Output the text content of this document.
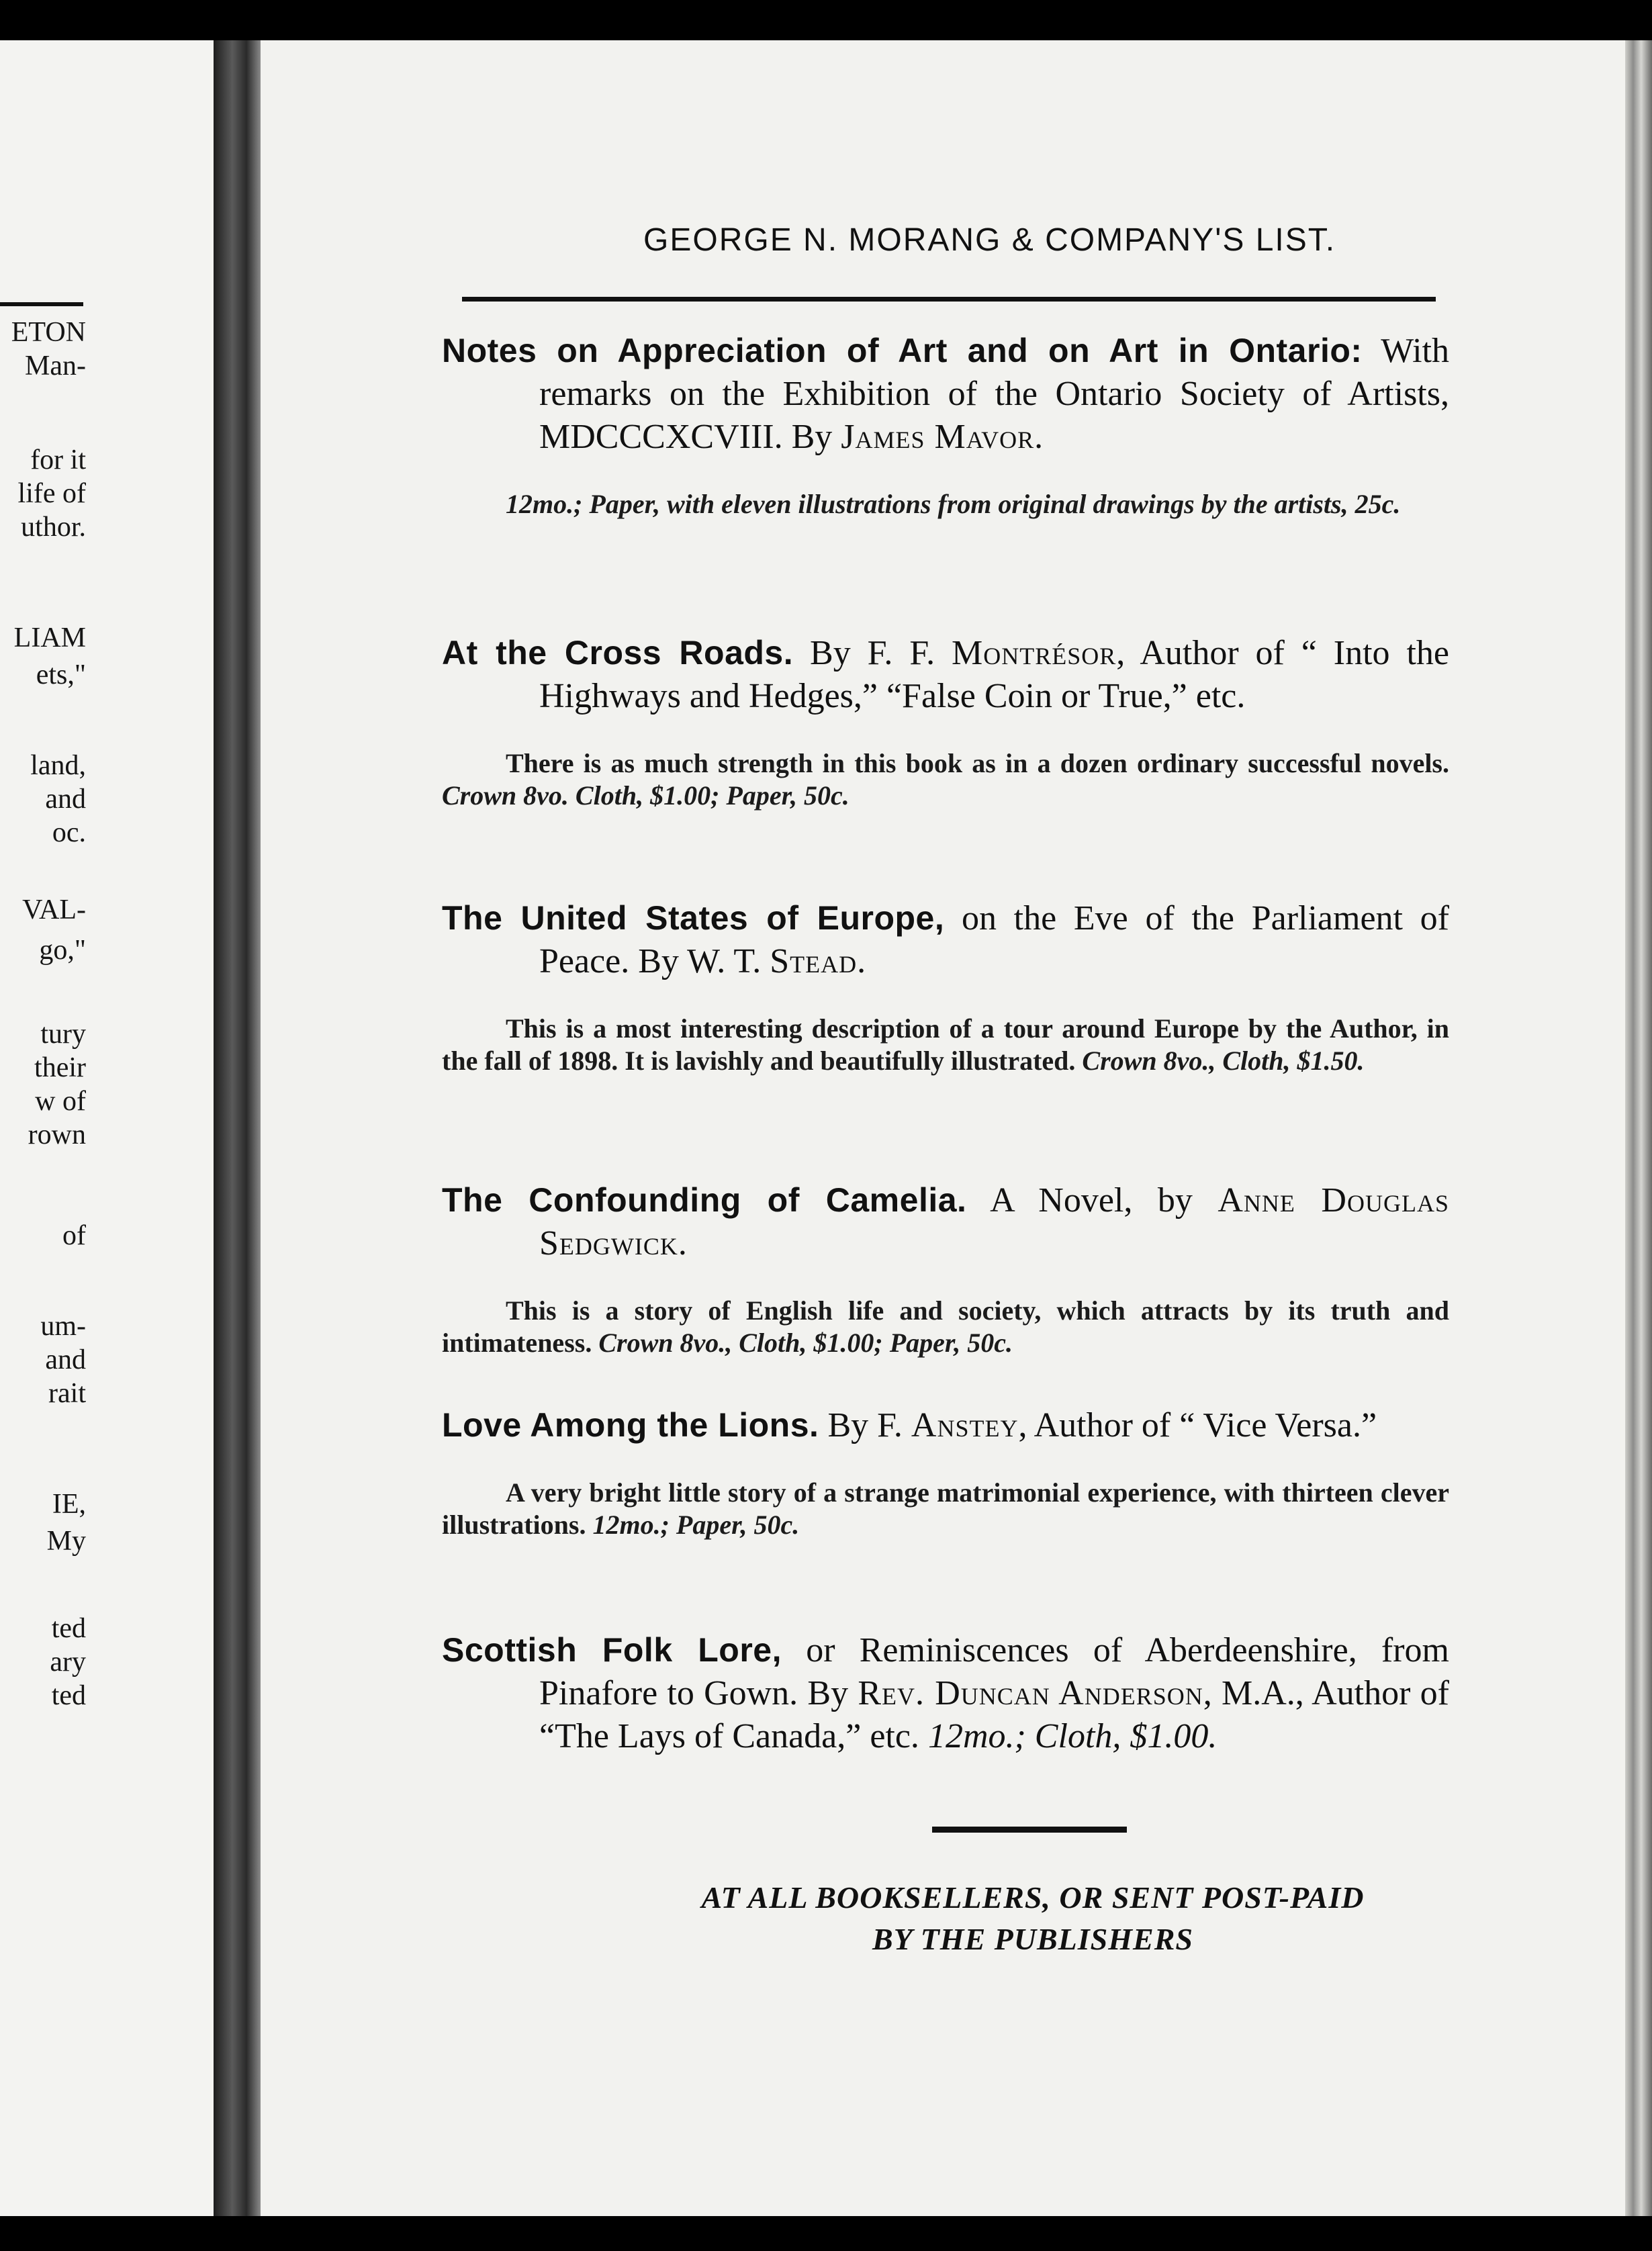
ETON
Man-
for it
life of
uthor.
LIAM
ets,"
land,
and
oc.
VAL-
go,"
tury
their
w of
rown
of
um-
and
rait
IE,
My
ted
ary
ted
GEORGE N. MORANG & COMPANY'S LIST.
Notes on Appreciation of Art and on Art in Ontario: With remarks on the Exhibition of the Ontario Society of Artists, MDCCCXCVIII. By James Mavor.
12mo.; Paper, with eleven illustrations from original drawings by the artists, 25c.
At the Cross Roads. By F. F. Montrésor, Author of “ Into the Highways and Hedges,” “False Coin or True,” etc.
There is as much strength in this book as in a dozen ordinary successful novels. Crown 8vo. Cloth, $1.00; Paper, 50c.
The United States of Europe, on the Eve of the Parliament of Peace. By W. T. Stead.
This is a most interesting description of a tour around Europe by the Author, in the fall of 1898. It is lavishly and beautifully illustrated. Crown 8vo., Cloth, $1.50.
The Confounding of Camelia. A Novel, by Anne Douglas Sedgwick.
This is a story of English life and society, which attracts by its truth and intimateness. Crown 8vo., Cloth, $1.00; Paper, 50c.
Love Among the Lions. By F. Anstey, Author of “ Vice Versa.”
A very bright little story of a strange matrimonial experience, with thirteen clever illustrations. 12mo.; Paper, 50c.
Scottish Folk Lore, or Reminiscences of Aberdeenshire, from Pinafore to Gown. By Rev. Duncan Anderson, M.A., Author of “The Lays of Canada,” etc. 12mo.; Cloth, $1.00.
AT ALL BOOKSELLERS, OR SENT POST-PAID
BY THE PUBLISHERS
